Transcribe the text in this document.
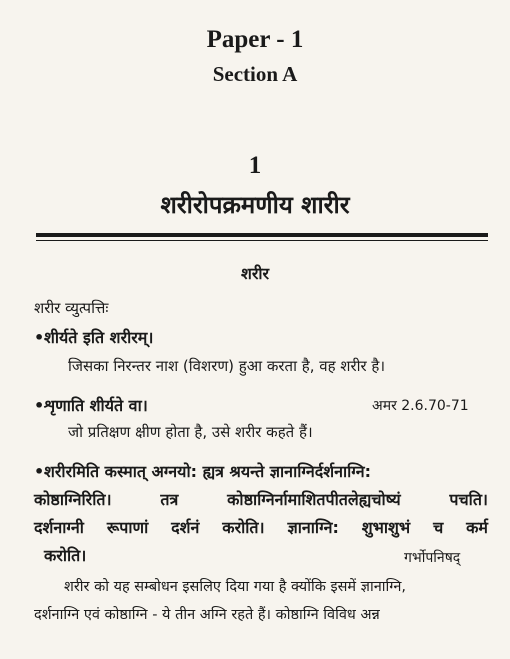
Paper - 1
Section A
1
शरीरोपक्रमणीय शारीर
शरीर
शरीर व्युत्पत्तिः
•शीर्यते इति शरीरम्।
जिसका निरन्तर नाश (विशरण) हुआ करता है, वह शरीर है।
•शृणाति शीर्यते वा।	अमर 2.6.70-71
जो प्रतिक्षण क्षीण होता है, उसे शरीर कहते हैं।
•शरीरमिति कस्मात् अग्नयो: ह्यत्र श्रयन्ते ज्ञानाग्निर्दर्शनाग्नि:
कोष्ठाग्निरिति। तत्र कोष्ठाग्निर्नामाशितपीतलेह्यचोष्यं पचति।
दर्शनाग्नी रूपाणां दर्शनं करोति। ज्ञानाग्नि: शुभाशुभं च कर्म
करोति।	गर्भोपनिषद्
शरीर को यह सम्बोधन इसलिए दिया गया है क्योंकि इसमें ज्ञानाग्नि,
दर्शनाग्नि एवं कोष्ठाग्नि - ये तीन अग्नि रहते हैं। कोष्ठाग्नि विविध अन्न
